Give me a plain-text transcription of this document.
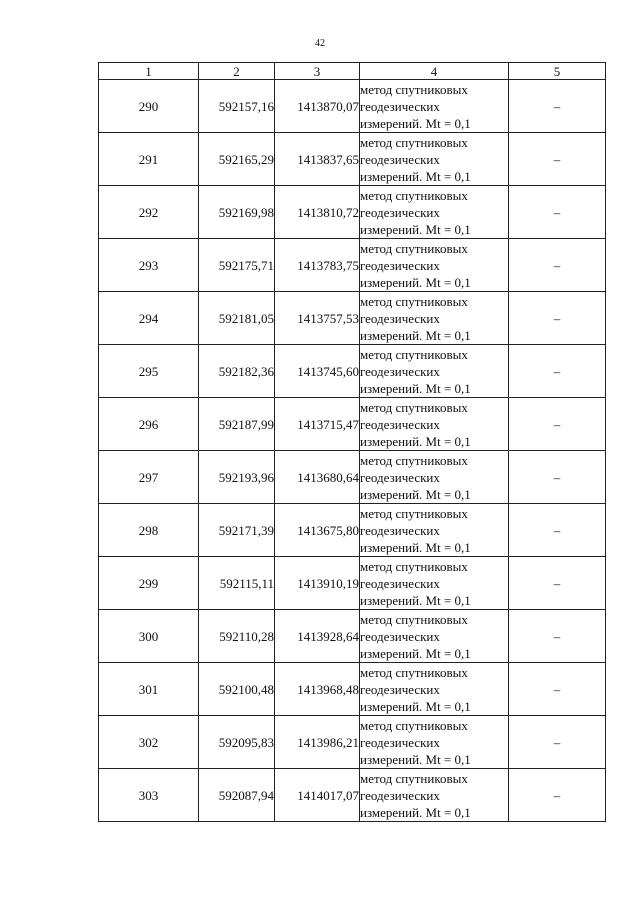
42
1	2	3	4	5
290	592157,16	1413870,07	метод спутниковых
геодезических
измерений. Mt = 0,1	–
291	592165,29	1413837,65	метод спутниковых
геодезических
измерений. Mt = 0,1	–
292	592169,98	1413810,72	метод спутниковых
геодезических
измерений. Mt = 0,1	–
293	592175,71	1413783,75	метод спутниковых
геодезических
измерений. Mt = 0,1	–
294	592181,05	1413757,53	метод спутниковых
геодезических
измерений. Mt = 0,1	–
295	592182,36	1413745,60	метод спутниковых
геодезических
измерений. Mt = 0,1	–
296	592187,99	1413715,47	метод спутниковых
геодезических
измерений. Mt = 0,1	–
297	592193,96	1413680,64	метод спутниковых
геодезических
измерений. Mt = 0,1	–
298	592171,39	1413675,80	метод спутниковых
геодезических
измерений. Mt = 0,1	–
299	592115,11	1413910,19	метод спутниковых
геодезических
измерений. Mt = 0,1	–
300	592110,28	1413928,64	метод спутниковых
геодезических
измерений. Mt = 0,1	–
301	592100,48	1413968,48	метод спутниковых
геодезических
измерений. Mt = 0,1	–
302	592095,83	1413986,21	метод спутниковых
геодезических
измерений. Mt = 0,1	–
303	592087,94	1414017,07	метод спутниковых
геодезических
измерений. Mt = 0,1	–
